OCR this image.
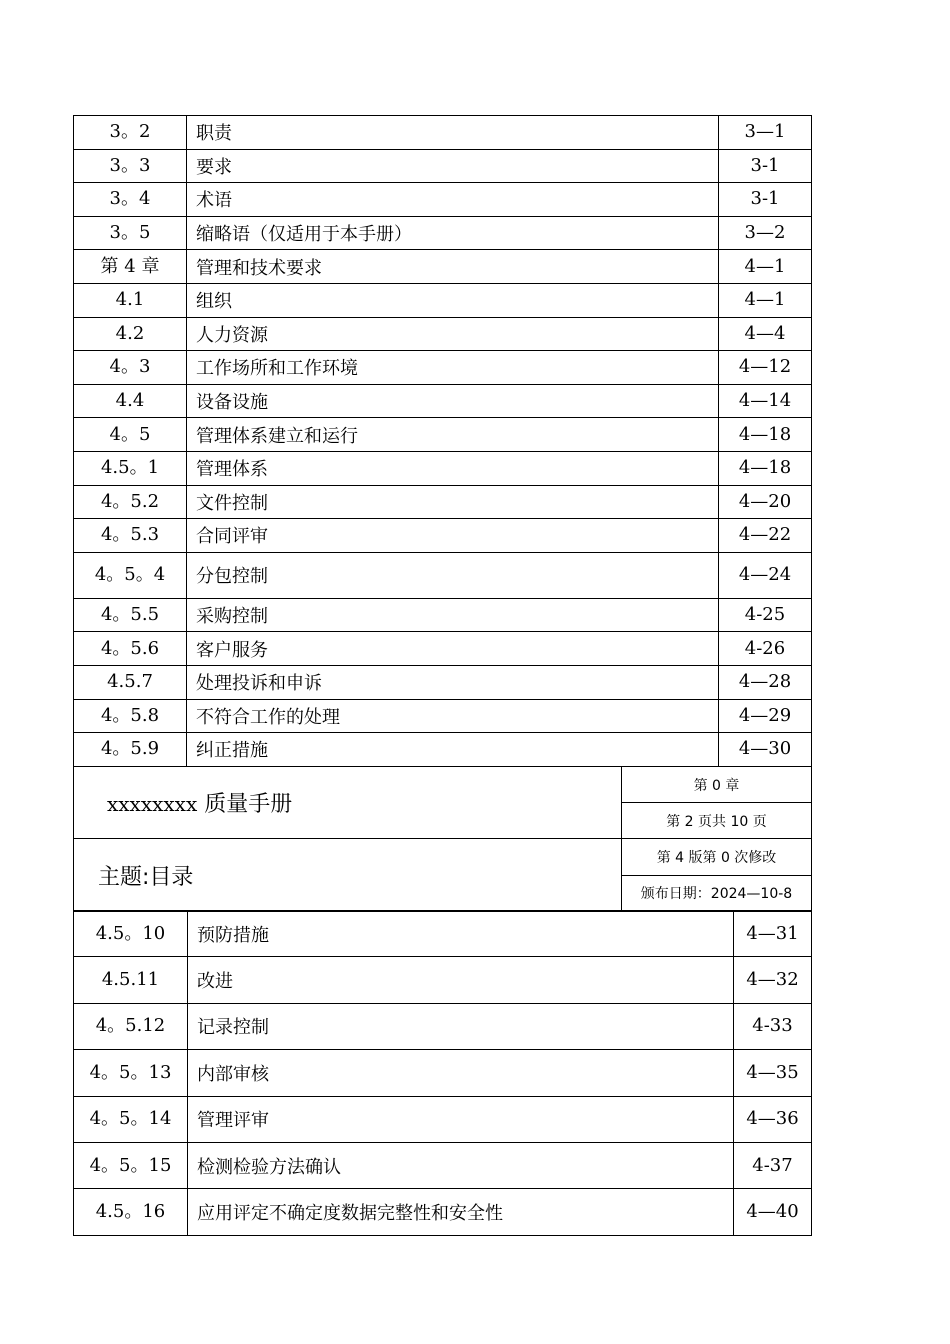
3。2	职责	3—1
3。3	要求	3-1
3。4	术语	3-1
3。5	缩略语（仅适用于本手册）	3—2
第 4 章	管理和技术要求	4—1
4.1	组织	4—1
4.2	人力资源	4—4
4。3	工作场所和工作环境	4—12
4.4	设备设施	4—14
4。5	管理体系建立和运行	4—18
4.5。1	管理体系	4—18
4。5.2	文件控制	4—20
4。5.3	合同评审	4—22
4。5。4	分包控制	4—24
4。5.5	采购控制	4-25
4。5.6	客户服务	4-26
4.5.7	处理投诉和申诉	4—28
4。5.8	不符合工作的处理	4—29
4。5.9	纠正措施	4—30
xxxxxxxx 质量手册	第 0 章
	第 2 页共 10 页
主题:目录	第 4 版第 0 次修改
	颁布日期：2024—10-8
4.5。10	预防措施	4—31
4.5.11	改进	4—32
4。5.12	记录控制	4-33
4。5。13	内部审核	4—35
4。5。14	管理评审	4—36
4。5。15	检测检验方法确认	4-37
4.5。16	应用评定不确定度数据完整性和安全性	4—40
